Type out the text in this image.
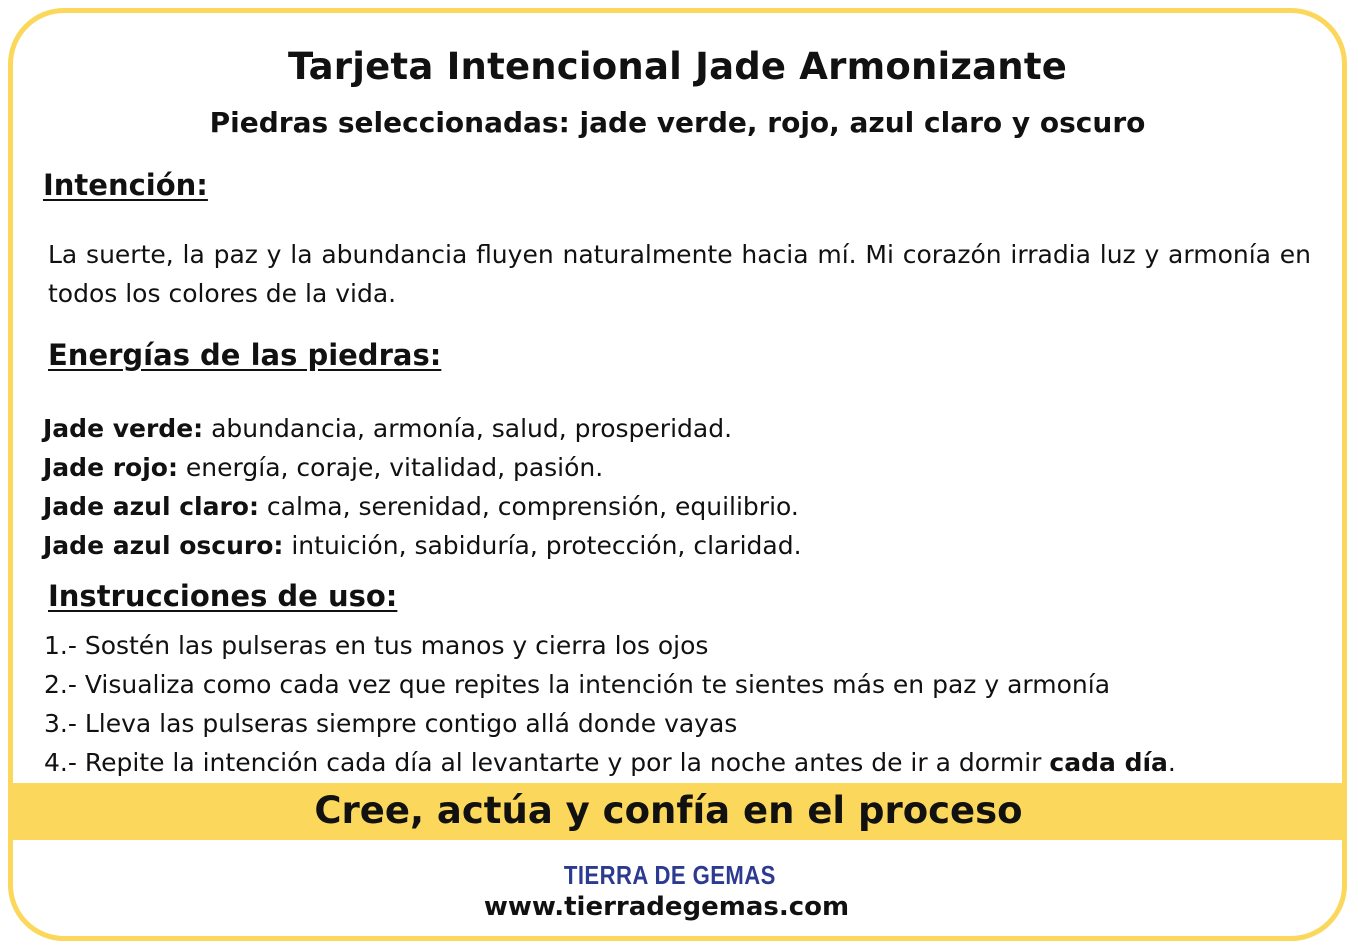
Tarjeta Intencional Jade Armonizante
Piedras seleccionadas: jade verde, rojo, azul claro y oscuro
Intención:

La suerte, la paz y la abundancia fluyen naturalmente hacia mí. Mi corazón irradia luz y armonía en todos los colores de la vida.

Energías de las piedras:
Jade verde: abundancia, armonía, salud, prosperidad.
Jade rojo: energía, coraje, vitalidad, pasión.
Jade azul claro: calma, serenidad, comprensión, equilibrio.
Jade azul oscuro: intuición, sabiduría, protección, claridad.
Instrucciones de uso:
1.- Sostén las pulseras en tus manos y cierra los ojos
2.- Visualiza como cada vez que repites la intención te sientes más en paz y armonía
3.- Lleva las pulseras siempre contigo allá donde vayas
4.- Repite la intención cada día al levantarte y por la noche antes de ir a dormir cada día.
Cree, actúa y confía en el proceso
TIERRA DE GEMAS
www.tierradegemas.com
